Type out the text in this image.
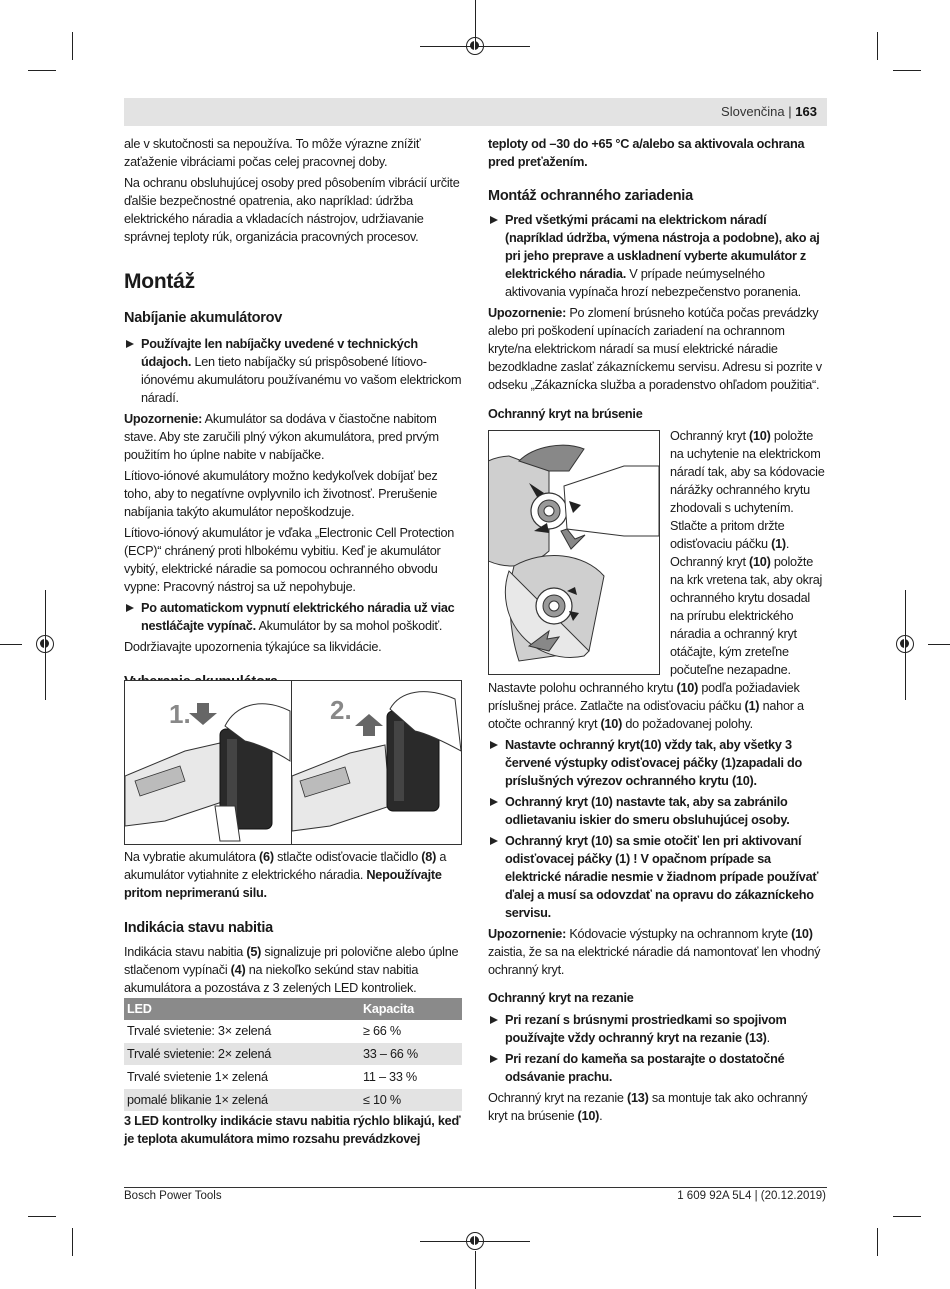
Slovenčina | 163

ale v skutočnosti sa nepoužíva. To môže výrazne znížiť zaťaženie vibráciami počas celej pracovnej doby.

Na ochranu obsluhujúcej osoby pred pôsobením vibrácií určite ďalšie bezpečnostné opatrenia, ako napríklad: údržba elektrického náradia a vkladacích nástrojov, udržiavanie správnej teploty rúk, organizácia pracovných procesov.

Montáž
Nabíjanie akumulátorov
Používajte len nabíjačky uvedené v technických údajoch. Len tieto nabíjačky sú prispôsobené lítiovo-iónovému akumulátoru používanému vo vašom elektrickom náradí.

Upozornenie: Akumulátor sa dodáva v čiastočne nabitom stave. Aby ste zaručili plný výkon akumulátora, pred prvým použitím ho úplne nabite v nabíjačke.

Lítiovo-iónové akumulátory možno kedykoľvek dobíjať bez toho, aby to negatívne ovplyvnilo ich životnosť. Prerušenie nabíjania takýto akumulátor nepoškodzuje.

Lítiovo-iónový akumulátor je vďaka „Electronic Cell Protection (ECP)“ chránený proti hlbokému vybitiu. Keď je akumulátor vybitý, elektrické náradie sa pomocou ochranného obvodu vypne: Pracovný nástroj sa už nepohybuje.

Po automatickom vypnutí elektrického náradia už viac nestláčajte vypínač. Akumulátor by sa mohol poškodiť.

Dodržiavajte upozornenia týkajúce sa likvidácie.

1.	2.

Na vybratie akumulátora (6) stlačte odisťovacie tlačidlo (8) a akumulátor vytiahnite z elektrického náradia. Nepoužívajte pritom neprimeranú silu.

Indikácia stavu nabitia

Indikácia stavu nabitia (5) signalizuje pri polovične alebo úplne stlačenom vypínači (4) na niekoľko sekúnd stav nabitia akumulátora a pozostáva z 3 zelených LED kontroliek.

LED	Kapacita
Trvalé svietenie: 3× zelená	≥ 66 %
Trvalé svietenie: 2× zelená	33 – 66 %
Trvalé svietenie 1× zelená	11 – 33 %
pomalé blikanie 1× zelená	≤ 10 %

3 LED kontrolky indikácie stavu nabitia rýchlo blikajú, keď je teplota akumulátora mimo rozsahu prevádzkovej

teploty od –30 do +65 °C a/alebo sa aktivovala ochrana pred preťažením.

Montáž ochranného zariadenia
Pred všetkými prácami na elektrickom náradí (napríklad údržba, výmena nástroja a podobne), ako aj pri jeho preprave a uskladnení vyberte akumulátor z elektrického náradia. V prípade neúmyselného aktivovania vypínača hrozí nebezpečenstvo poranenia.

Upozornenie: Po zlomení brúsneho kotúča počas prevádzky alebo pri poškodení upínacích zariadení na ochrannom kryte/na elektrickom náradí sa musí elektrické náradie bezodkladne zaslať zákazníckemu servisu. Adresu si pozrite v odseku „Zákaznícka služba a poradenstvo ohľadom použitia“.

Ochranný kryt na brúsenie

Ochranný kryt (10) položte na uchytenie na elektrickom náradí tak, aby sa kódovacie nárážky ochranného krytu zhodovali s uchytením. Stlačte a pritom držte odisťovaciu páčku (1). Ochranný kryt (10) položte na krk vretena tak, aby okraj ochranného krytu dosadal na prírubu elektrického náradia a ochranný kryt otáčajte, kým zreteľne počuteľne nezapadne. Nastavte polohu ochranného krytu (10) podľa požiadaviek príslušnej práce. Zatlačte na odisťovaciu páčku (1) nahor a otočte ochranný kryt (10) do požadovanej polohy.

Nastavte ochranný kryt(10) vždy tak, aby všetky 3 červené výstupky odisťovacej páčky (1)zapadali do príslušných výrezov ochranného krytu (10).
Ochranný kryt (10) nastavte tak, aby sa zabránilo odlietavaniu iskier do smeru obsluhujúcej osoby.
Ochranný kryt (10) sa smie otočiť len pri aktivovaní odisťovacej páčky (1) ! V opačnom prípade sa elektrické náradie nesmie v žiadnom prípade používať ďalej a musí sa odovzdať na opravu do zákazníckeho servisu.

Upozornenie: Kódovacie výstupky na ochrannom kryte (10) zaistia, že sa na elektrické náradie dá namontovať len vhodný ochranný kryt.

Ochranný kryt na rezanie
Pri rezaní s brúsnymi prostriedkami so spojivom používajte vždy ochranný kryt na rezanie (13).
Pri rezaní do kameňa sa postarajte o dostatočné odsávanie prachu.

Ochranný kryt na rezanie (13) sa montuje tak ako ochranný kryt na brúsenie (10).

Bosch Power Tools	1 609 92A 5L4 | (20.12.2019)
